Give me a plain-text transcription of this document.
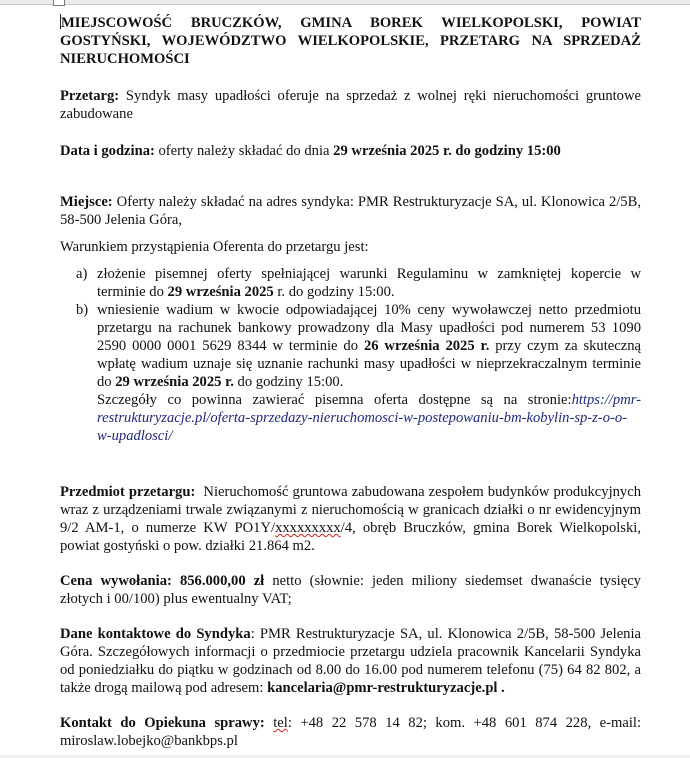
MIEJSCOWOŚĆ BRUCZKÓW, GMINA BOREK WIELKOPOLSKI, POWIAT GOSTYŃSKI, WOJEWÓDZTWO WIELKOPOLSKIE, PRZETARG NA SPRZEDAŻ NIERUCHOMOŚCI

Przetarg: Syndyk masy upadłości oferuje na sprzedaż z wolnej ręki nieruchomości gruntowe zabudowane

Data i godzina: oferty należy składać do dnia 29 września 2025 r. do godziny 15:00

Miejsce: Oferty należy składać na adres syndyka: PMR Restrukturyzacje SA, ul. Klonowica 2/5B, 58-500 Jelenia Góra,

Warunkiem przystąpienia Oferenta do przetargu jest:

a) złożenie pisemnej oferty spełniającej warunki Regulaminu w zamkniętej kopercie w terminie do 29 września 2025 r. do godziny 15:00.
b) wniesienie wadium w kwocie odpowiadającej 10% ceny wywoławczej netto przedmiotu przetargu na rachunek bankowy prowadzony dla Masy upadłości pod numerem 53 1090 2590 0000 0001 5629 8344 w terminie do 26 września 2025 r. przy czym za skuteczną wpłatę wadium uznaje się uznanie rachunki masy upadłości w nieprzekraczalnym terminie do 29 września 2025 r. do godziny 15:00.
Szczegóły co powinna zawierać pisemna oferta dostępne są na stronie:https://pmr-restrukturyzacje.pl/oferta-sprzedazy-nieruchomosci-w-postepowaniu-bm-kobylin-sp-z-o-o-w-upadlosci/

Przedmiot przetargu:  Nieruchomość gruntowa zabudowana zespołem budynków produkcyjnych wraz z urządzeniami trwale związanymi z nieruchomością w granicach działki o nr ewidencyjnym 9/2 AM-1, o numerze KW PO1Y/xxxxxxxxx/4, obręb Bruczków, gmina Borek Wielkopolski, powiat gostyński o pow. działki 21.864 m2.

Cena wywołania: 856.000,00 zł netto (słownie: jeden miliony siedemset dwanaście tysięcy złotych i 00/100) plus ewentualny VAT;

Dane kontaktowe do Syndyka: PMR Restrukturyzacje SA, ul. Klonowica 2/5B, 58-500 Jelenia Góra. Szczegółowych informacji o przedmiocie przetargu udziela pracownik Kancelarii Syndyka od poniedziałku do piątku w godzinach od 8.00 do 16.00 pod numerem telefonu (75) 64 82 802, a także drogą mailową pod adresem: kancelaria@pmr-restrukturyzacje.pl .

Kontakt do Opiekuna sprawy: tel: +48 22 578 14 82; kom. +48 601 874 228, e-mail: miroslaw.lobejko@bankbps.pl
